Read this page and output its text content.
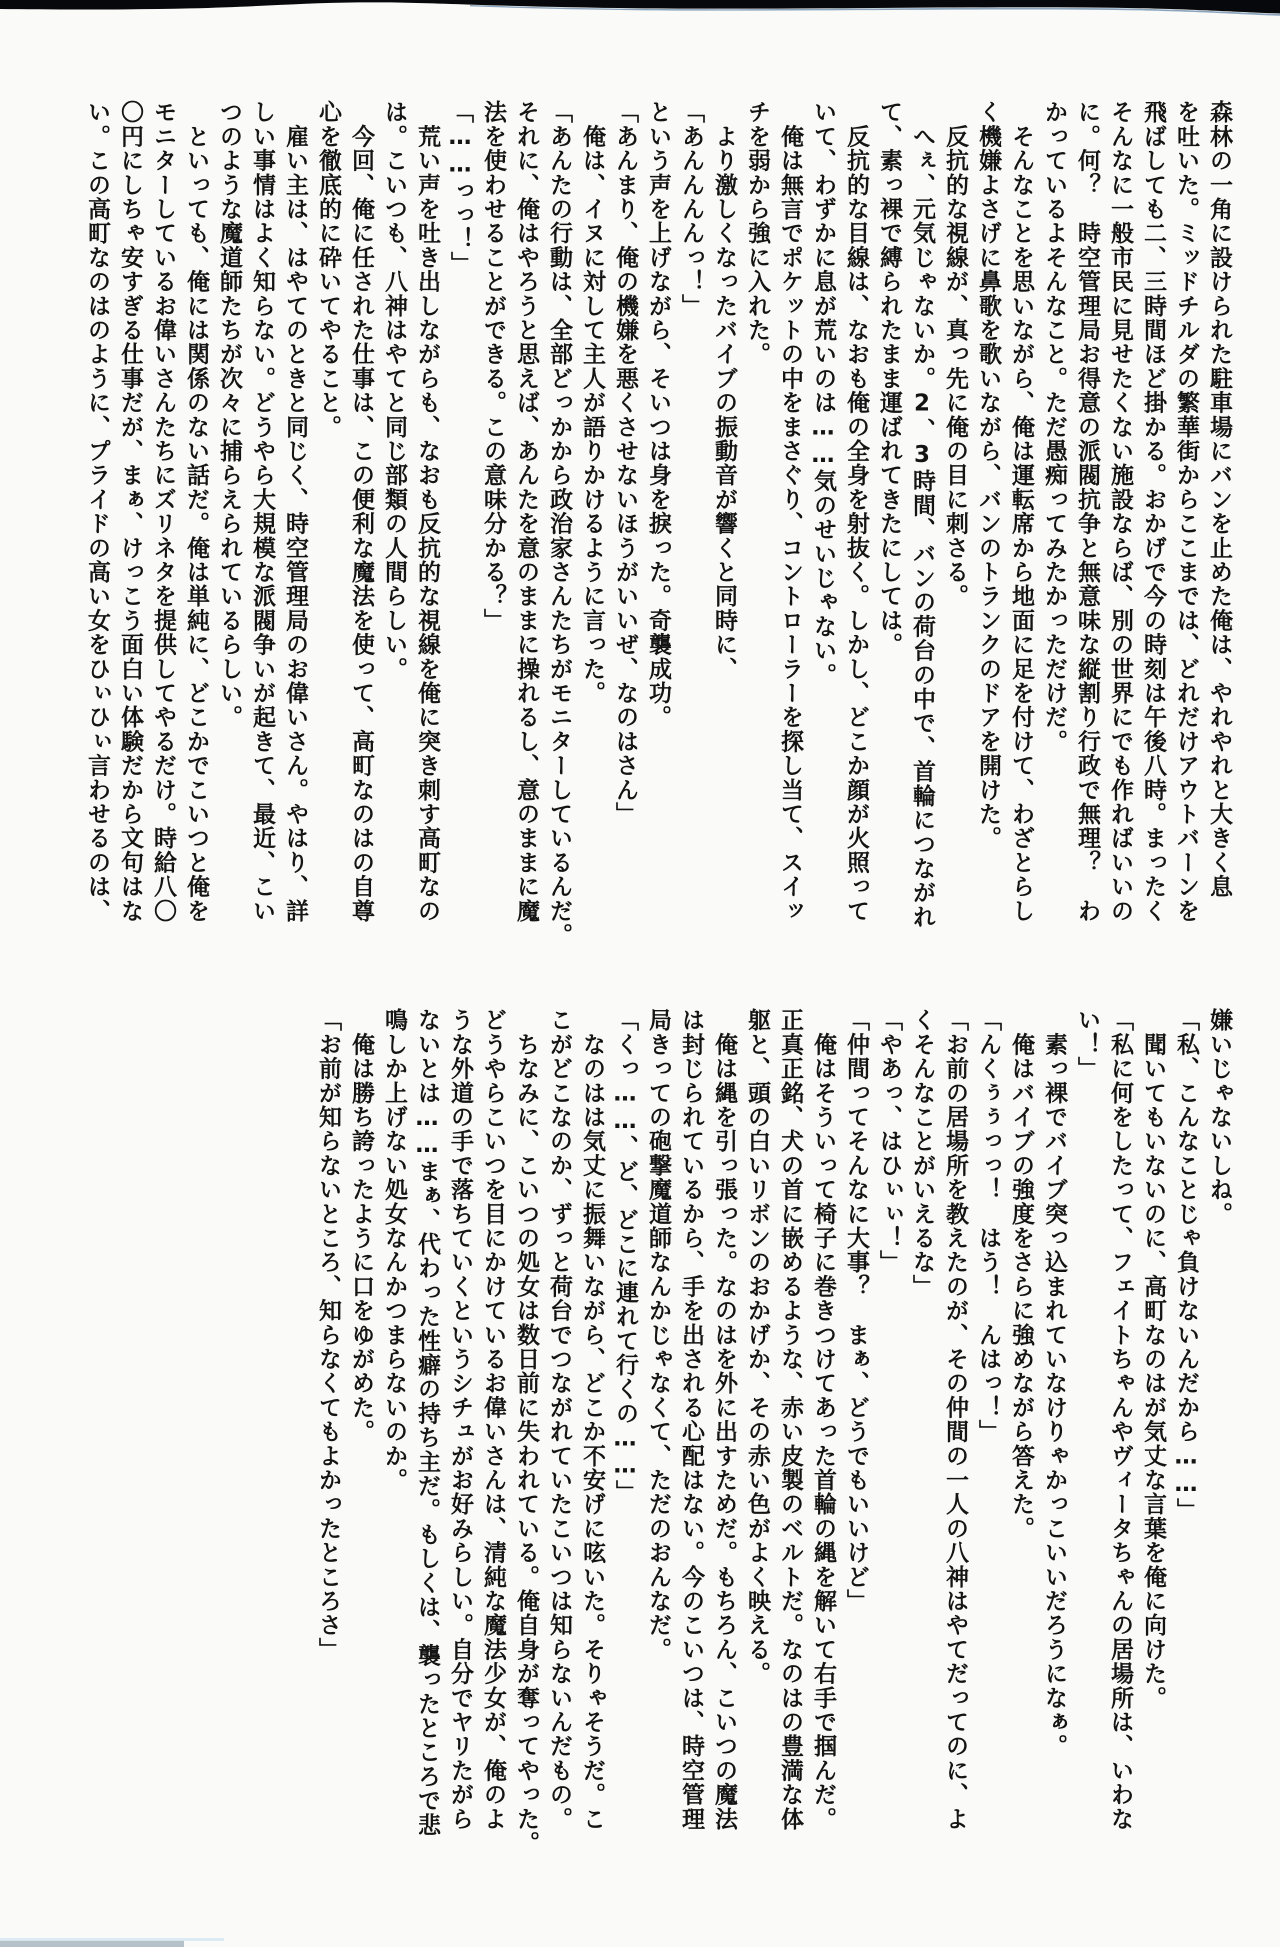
森林の一角に設けられた駐車場にバンを止めた俺は、やれやれと大きく息
を吐いた。ミッドチルダの繁華街からここまでは、どれだけアウトバーンを
飛ばしても二、三時間ほど掛かる。おかげで今の時刻は午後八時。まったく
そんなに一般市民に見せたくない施設ならば、別の世界にでも作ればいいの
に。何？　時空管理局お得意の派閥抗争と無意味な縦割り行政で無理？　わ
かっているよそんなこと。ただ愚痴ってみたかっただけだ。
　そんなことを思いながら、俺は運転席から地面に足を付けて、わざとらし
く機嫌よさげに鼻歌を歌いながら、バンのトランクのドアを開けた。
　反抗的な視線が、真っ先に俺の目に刺さる。
　へぇ、元気じゃないか。2、3時間、バンの荷台の中で、首輪につながれ
て、素っ裸で縛られたまま運ばれてきたにしては。
　反抗的な目線は、なおも俺の全身を射抜く。しかし、どこか顔が火照って
いて、わずかに息が荒いのは……気のせいじゃない。
　俺は無言でポケットの中をまさぐり、コントローラーを探し当て、スイッ
チを弱から強に入れた。
　より激しくなったバイブの振動音が響くと同時に、
「あんんんんっ！」
という声を上げながら、そいつは身を捩った。奇襲成功。
「あんまり、俺の機嫌を悪くさせないほうがいいぜ、なのはさん」
　俺は、イヌに対して主人が語りかけるように言った。
「あんたの行動は、全部どっかから政治家さんたちがモニターしているんだ。
それに、俺はやろうと思えば、あんたを意のままに操れるし、意のままに魔
法を使わせることができる。この意味分かる？」
「……っっ！」
　荒い声を吐き出しながらも、なおも反抗的な視線を俺に突き刺す高町なの
は。こいつも、八神はやてと同じ部類の人間らしい。
　今回、俺に任された仕事は、この便利な魔法を使って、高町なのはの自尊
心を徹底的に砕いてやること。
　雇い主は、はやてのときと同じく、時空管理局のお偉いさん。やはり、詳
しい事情はよく知らない。どうやら大規模な派閥争いが起きて、最近、こい
つのような魔道師たちが次々に捕らえられているらしい。
　といっても、俺には関係のない話だ。俺は単純に、どこかでこいつと俺を
モニターしているお偉いさんたちにズリネタを提供してやるだけ。時給八〇
〇円にしちゃ安すぎる仕事だが、まぁ、けっこう面白い体験だから文句はな
い。この高町なのはのように、プライドの高い女をひぃひぃ言わせるのは、
嫌いじゃないしね。
「私、こんなことじゃ負けないんだから……」
　聞いてもいないのに、高町なのはが気丈な言葉を俺に向けた。
「私に何をしたって、フェイトちゃんやヴィータちゃんの居場所は、いわな
い！」
　素っ裸でバイブ突っ込まれていなけりゃかっこいいだろうになぁ。
　俺はバイブの強度をさらに強めながら答えた。
「んくぅぅっっ！　はう！　んはっ！」
「お前の居場所を教えたのが、その仲間の一人の八神はやてだってのに、よ
くそんなことがいえるな」
「やあっ、はひぃぃ！」
「仲間ってそんなに大事？　まぁ、どうでもいいけど」
　俺はそういって椅子に巻きつけてあった首輪の縄を解いて右手で掴んだ。
正真正銘、犬の首に嵌めるような、赤い皮製のベルトだ。なのはの豊満な体
躯と、頭の白いリボンのおかげか、その赤い色がよく映える。
　俺は縄を引っ張った。なのはを外に出すためだ。もちろん、こいつの魔法
は封じられているから、手を出される心配はない。今のこいつは、時空管理
局きっての砲撃魔道師なんかじゃなくて、ただのおんなだ。
「くっ……、ど、どこに連れて行くの……」
　なのはは気丈に振舞いながら、どこか不安げに呟いた。そりゃそうだ。こ
こがどこなのか、ずっと荷台でつながれていたこいつは知らないんだもの。
　ちなみに、こいつの処女は数日前に失われている。俺自身が奪ってやった。
どうやらこいつを目にかけているお偉いさんは、清純な魔法少女が、俺のよ
うな外道の手で落ちていくというシチュがお好みらしい。自分でヤリたがら
ないとは……まぁ、代わった性癖の持ち主だ。もしくは、襲ったところで悲
鳴しか上げない処女なんかつまらないのか。
　俺は勝ち誇ったように口をゆがめた。
「お前が知らないところ、知らなくてもよかったところさ」
